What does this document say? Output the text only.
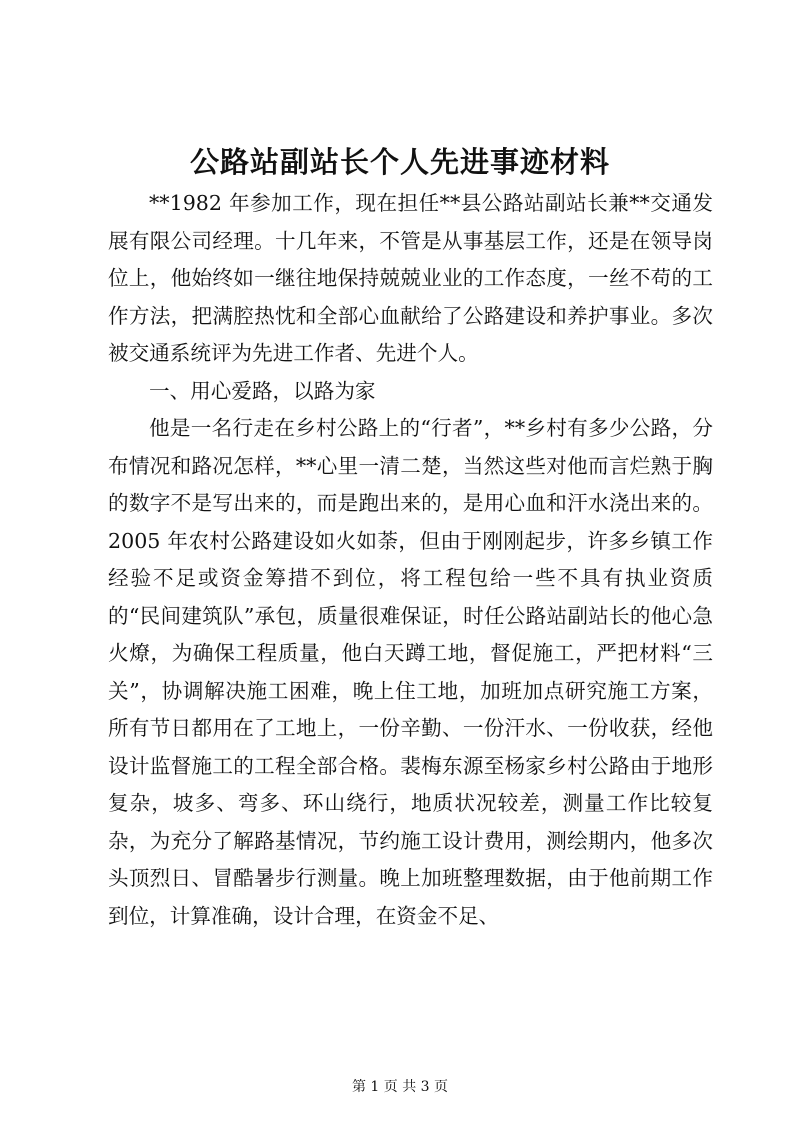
公路站副站长个人先进事迹材料

**1982 年参加工作，现在担任**县公路站副站长兼**交通发展有限公司经理。十几年来，不管是从事基层工作，还是在领导岗位上，他始终如一继往地保持兢兢业业的工作态度，一丝不苟的工作方法，把满腔热忱和全部心血献给了公路建设和养护事业。多次被交通系统评为先进工作者、先进个人。

一、用心爱路，以路为家

他是一名行走在乡村公路上的“行者”，**乡村有多少公路，分布情况和路况怎样，**心里一清二楚，当然这些对他而言烂熟于胸的数字不是写出来的，而是跑出来的，是用心血和汗水浇出来的。2005 年农村公路建设如火如荼，但由于刚刚起步，许多乡镇工作经验不足或资金筹措不到位，将工程包给一些不具有执业资质的“民间建筑队”承包，质量很难保证，时任公路站副站长的他心急火燎，为确保工程质量，他白天蹲工地，督促施工，严把材料“三关”，协调解决施工困难，晚上住工地，加班加点研究施工方案，所有节日都用在了工地上，一份辛勤、一份汗水、一份收获，经他设计监督施工的工程全部合格。裴梅东源至杨家乡村公路由于地形复杂，坡多、弯多、环山绕行，地质状况较差，测量工作比较复杂，为充分了解路基情况，节约施工设计费用，测绘期内，他多次头顶烈日、冒酷暑步行测量。晚上加班整理数据，由于他前期工作到位，计算准确，设计合理，在资金不足、

第 1 页 共 3 页
